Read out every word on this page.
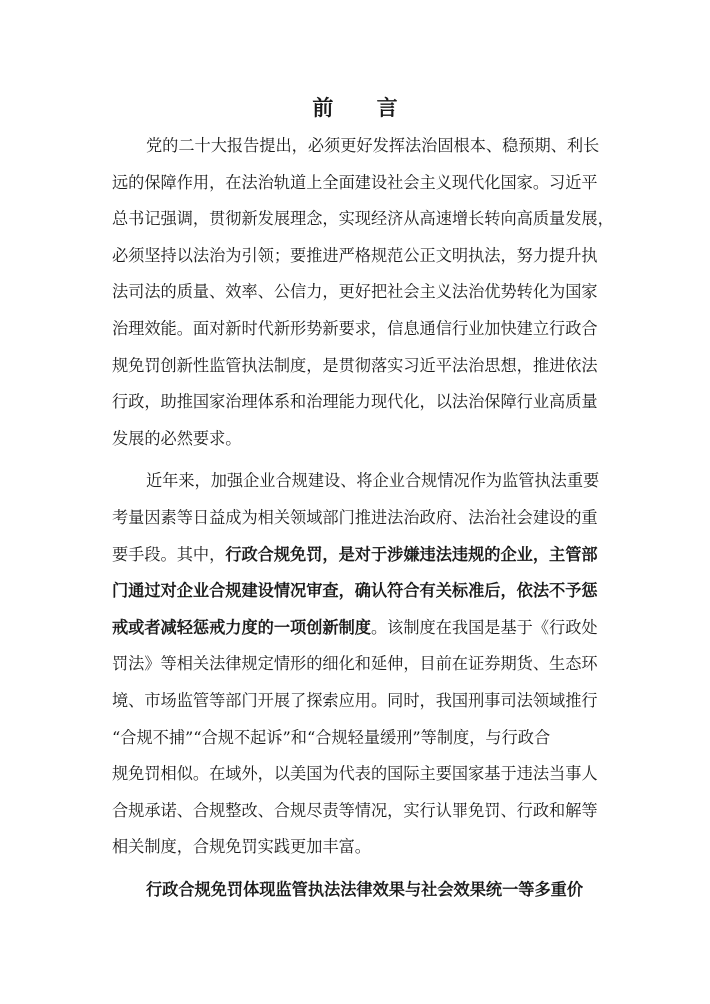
前 言

党的二十大报告提出，必须更好发挥法治固根本、稳预期、利长
远的保障作用，在法治轨道上全面建设社会主义现代化国家。习近平
总书记强调，贯彻新发展理念，实现经济从高速增长转向高质量发展，
必须坚持以法治为引领；要推进严格规范公正文明执法，努力提升执
法司法的质量、效率、公信力，更好把社会主义法治优势转化为国家
治理效能。面对新时代新形势新要求，信息通信行业加快建立行政合
规免罚创新性监管执法制度，是贯彻落实习近平法治思想，推进依法
行政，助推国家治理体系和治理能力现代化，以法治保障行业高质量
发展的必然要求。

近年来，加强企业合规建设、将企业合规情况作为监管执法重要
考量因素等日益成为相关领域部门推进法治政府、法治社会建设的重
要手段。其中，行政合规免罚，是对于涉嫌违法违规的企业，主管部
门通过对企业合规建设情况审查，确认符合有关标准后，依法不予惩
戒或者减轻惩戒力度的一项创新制度。该制度在我国是基于《行政处
罚法》等相关法律规定情形的细化和延伸，目前在证券期货、生态环
境、市场监管等部门开展了探索应用。同时，我国刑事司法领域推行
“合规不捕”“合规不起诉”和“合规轻量缓刑”等制度，与行政合
规免罚相似。在域外，以美国为代表的国际主要国家基于违法当事人
合规承诺、合规整改、合规尽责等情况，实行认罪免罚、行政和解等
相关制度，合规免罚实践更加丰富。

行政合规免罚体现监管执法法律效果与社会效果统一等多重价
